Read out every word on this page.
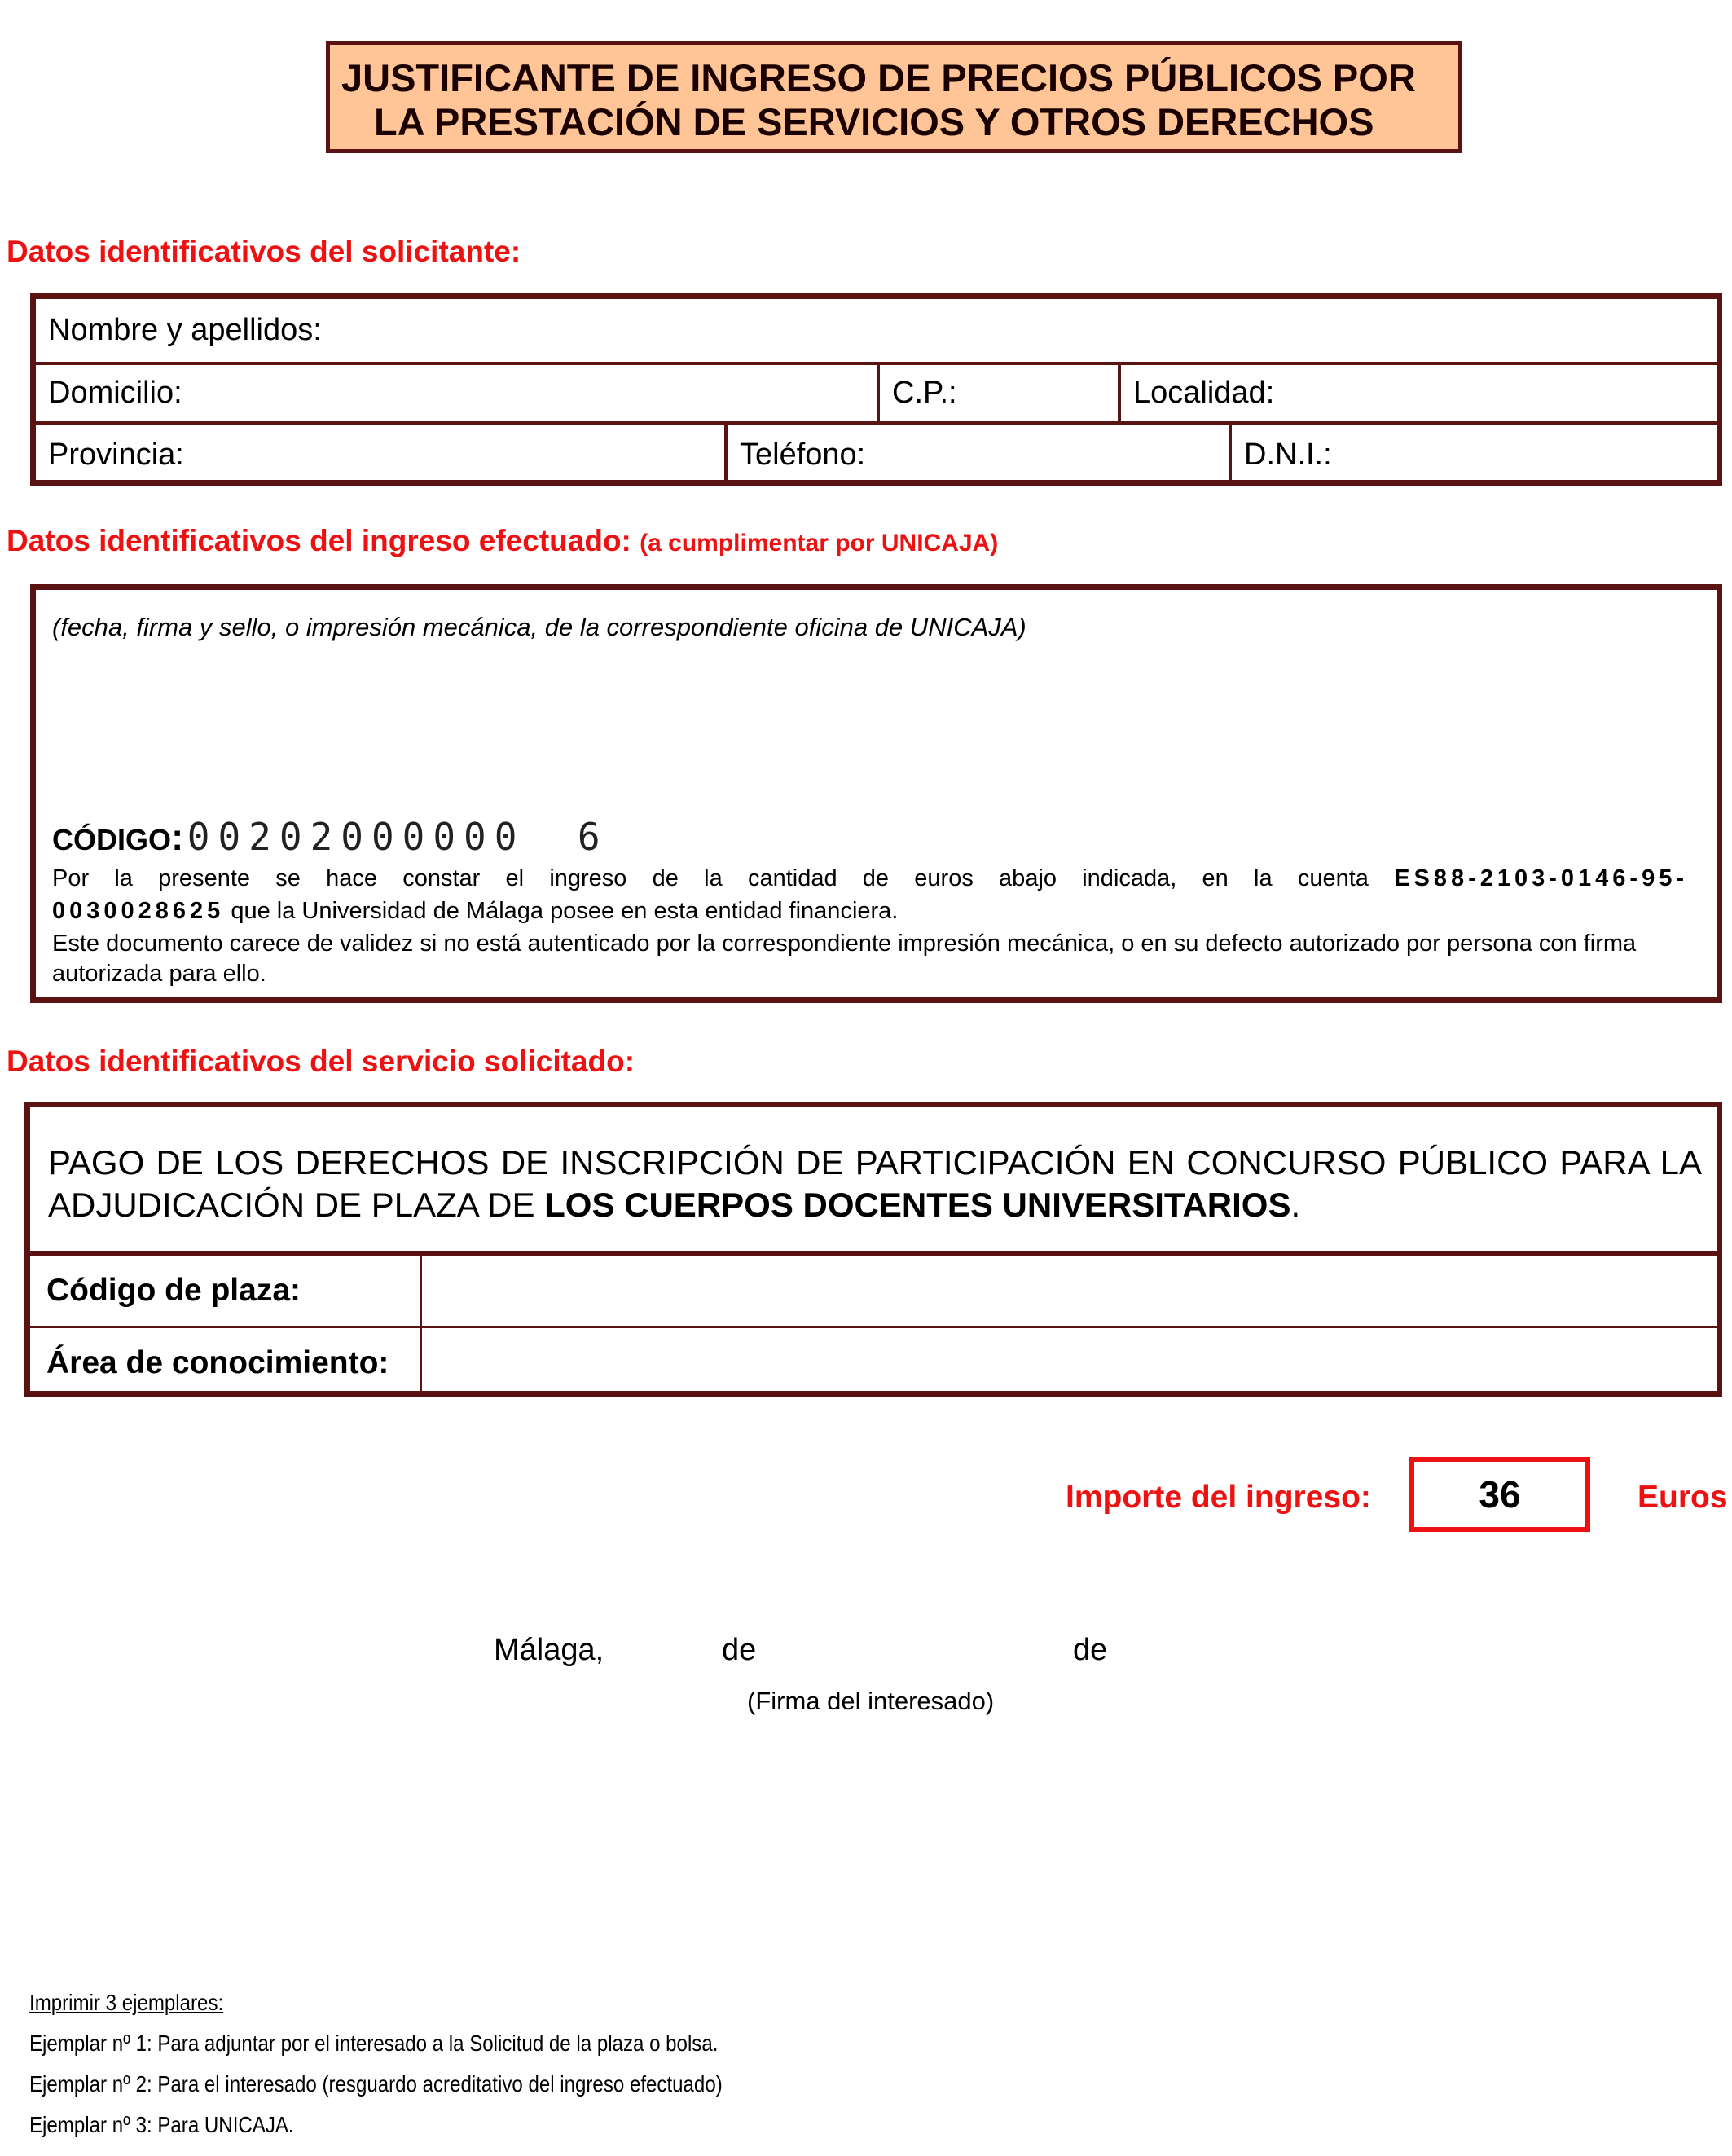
JUSTIFICANTE DE INGRESO DE PRECIOS PÚBLICOS POR
LA PRESTACIÓN DE SERVICIOS Y OTROS DERECHOS
Datos identificativos del solicitante:
Nombre y apellidos:
Domicilio:	C.P.:	Localidad:
Provincia:	Teléfono:	D.N.I.:
Datos identificativos del ingreso efectuado: (a cumplimentar por UNICAJA)
(fecha, firma y sello, o impresión mecánica, de la correspondiente oficina de UNICAJA)
CÓDIGO: 00202000000 6
Por la presente se hace constar el ingreso de la cantidad de euros abajo indicada, en la cuenta ES88-2103-0146-95-
0030028625 que la Universidad de Málaga posee en esta entidad financiera.
Este documento carece de validez si no está autenticado por la correspondiente impresión mecánica, o en su defecto autorizado por persona con firma autorizada para ello.
Datos identificativos del servicio solicitado:
PAGO DE LOS DERECHOS DE INSCRIPCIÓN DE PARTICIPACIÓN EN CONCURSO PÚBLICO PARA LA ADJUDICACIÓN DE PLAZA DE LOS CUERPOS DOCENTES UNIVERSITARIOS.
Código de plaza:
Área de conocimiento:
Importe del ingreso:	36	Euros
Málaga,	de	de
(Firma del interesado)
Imprimir 3 ejemplares:
Ejemplar nº 1: Para adjuntar por el interesado a la Solicitud de la plaza o bolsa.
Ejemplar nº 2: Para el interesado (resguardo acreditativo del ingreso efectuado)
Ejemplar nº 3: Para UNICAJA.
